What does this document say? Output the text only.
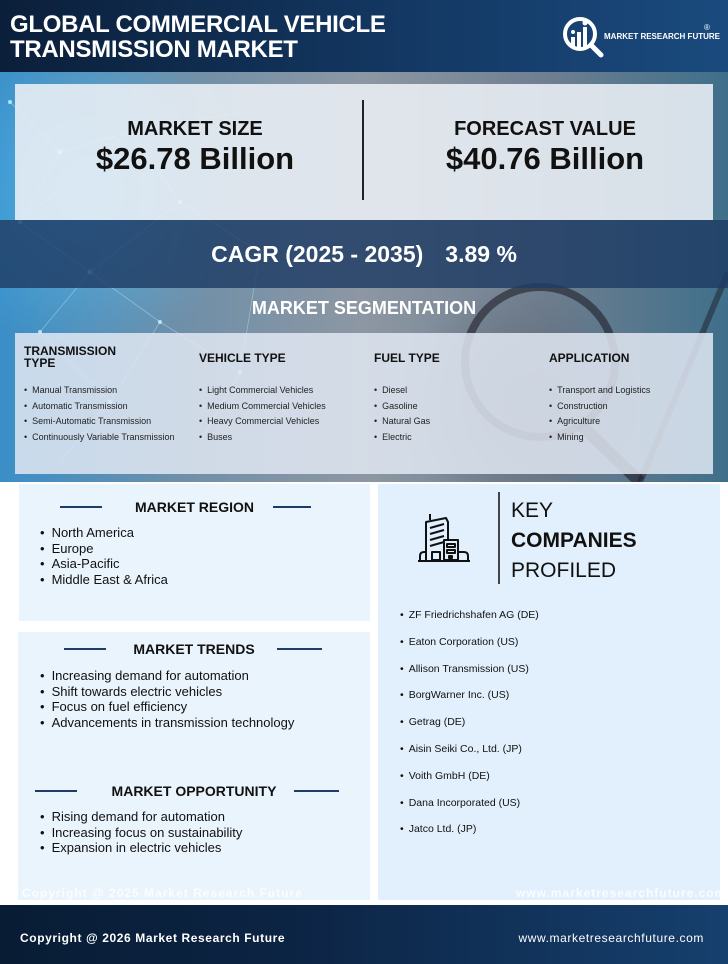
GLOBAL COMMERCIAL VEHICLE
TRANSMISSION MARKET	MARKET RESEARCH FUTURE
®
MARKET SIZE
$26.78 Billion
FORECAST VALUE
$40.76 Billion
CAGR (2025 - 2035) 3.89 %
MARKET SEGMENTATION
TRANSMISSION TYPE
• Manual Transmission
• Automatic Transmission
• Semi-Automatic Transmission
• Continuously Variable Transmission
VEHICLE TYPE
• Light Commercial Vehicles
• Medium Commercial Vehicles
• Heavy Commercial Vehicles
• Buses
FUEL TYPE
• Diesel
• Gasoline
• Natural Gas
• Electric
APPLICATION
• Transport and Logistics
• Construction
• Agriculture
• Mining
MARKET REGION
• North America
• Europe
• Asia-Pacific
• Middle East & Africa
MARKET TRENDS
• Increasing demand for automation
• Shift towards electric vehicles
• Focus on fuel efficiency
• Advancements in transmission technology
MARKET OPPORTUNITY
• Rising demand for automation
• Increasing focus on sustainability
• Expansion in electric vehicles
KEY
COMPANIES
PROFILED
• ZF Friedrichshafen AG (DE)
• Eaton Corporation (US)
• Allison Transmission (US)
• BorgWarner Inc. (US)
• Getrag (DE)
• Aisin Seiki Co., Ltd. (JP)
• Voith GmbH (DE)
• Dana Incorporated (US)
• Jatco Ltd. (JP)
Copyright @ 2025 Market Research Future	www.marketresearchfuture.com
Copyright @ 2026 Market Research Future	www.marketresearchfuture.com
